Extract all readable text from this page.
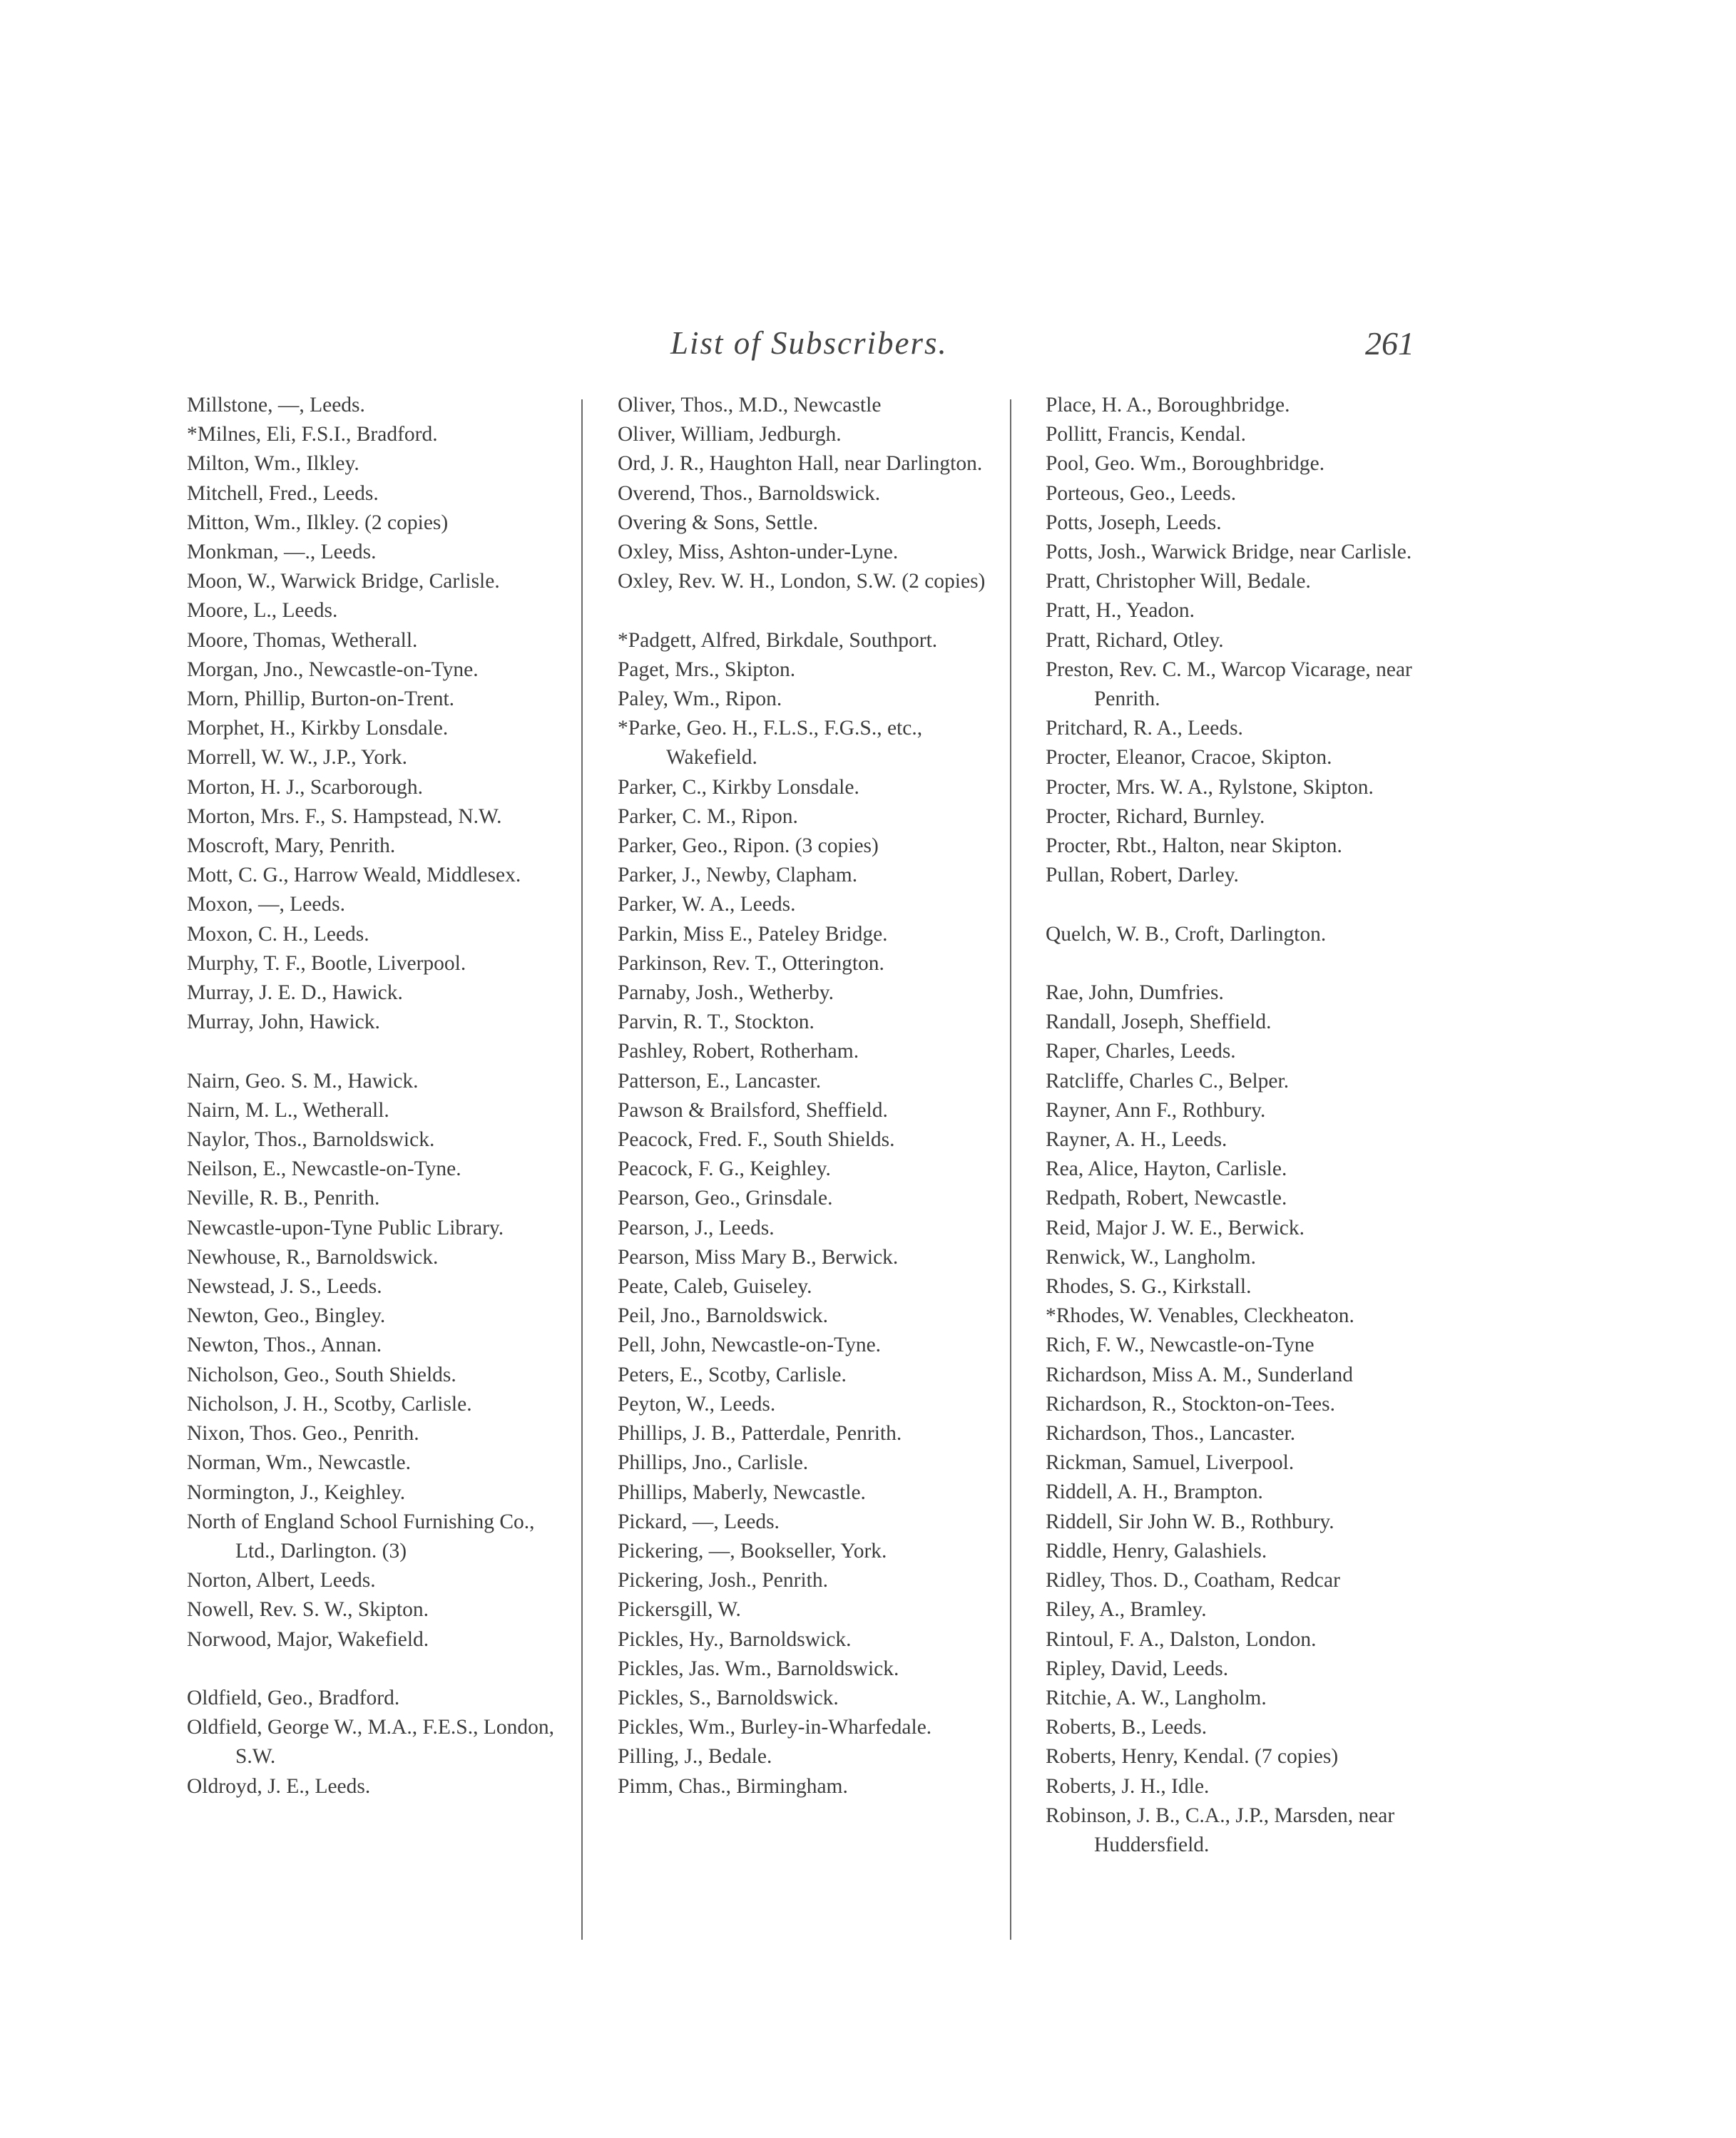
List of Subscribers.	261
Millstone, —, Leeds.
*Milnes, Eli, F.S.I., Bradford.
Milton, Wm., Ilkley.
Mitchell, Fred., Leeds.
Mitton, Wm., Ilkley. (2 copies)
Monkman, —., Leeds.
Moon, W., Warwick Bridge, Carlisle.
Moore, L., Leeds.
Moore, Thomas, Wetherall.
Morgan, Jno., Newcastle-on-Tyne.
Morn, Phillip, Burton-on-Trent.
Morphet, H., Kirkby Lonsdale.
Morrell, W. W., J.P., York.
Morton, H. J., Scarborough.
Morton, Mrs. F., S. Hampstead, N.W.
Moscroft, Mary, Penrith.
Mott, C. G., Harrow Weald, Middlesex.
Moxon, —, Leeds.
Moxon, C. H., Leeds.
Murphy, T. F., Bootle, Liverpool.
Murray, J. E. D., Hawick.
Murray, John, Hawick.
Nairn, Geo. S. M., Hawick.
Nairn, M. L., Wetherall.
Naylor, Thos., Barnoldswick.
Neilson, E., Newcastle-on-Tyne.
Neville, R. B., Penrith.
Newcastle-upon-Tyne Public Library.
Newhouse, R., Barnoldswick.
Newstead, J. S., Leeds.
Newton, Geo., Bingley.
Newton, Thos., Annan.
Nicholson, Geo., South Shields.
Nicholson, J. H., Scotby, Carlisle.
Nixon, Thos. Geo., Penrith.
Norman, Wm., Newcastle.
Normington, J., Keighley.
North of England School Furnishing Co., Ltd., Darlington. (3)
Norton, Albert, Leeds.
Nowell, Rev. S. W., Skipton.
Norwood, Major, Wakefield.
Oldfield, Geo., Bradford.
Oldfield, George W., M.A., F.E.S., London, S.W.
Oldroyd, J. E., Leeds.
Oliver, Thos., M.D., Newcastle
Oliver, William, Jedburgh.
Ord, J. R., Haughton Hall, near Darlington.
Overend, Thos., Barnoldswick.
Overing & Sons, Settle.
Oxley, Miss, Ashton-under-Lyne.
Oxley, Rev. W. H., London, S.W. (2 copies)
*Padgett, Alfred, Birkdale, Southport.
Paget, Mrs., Skipton.
Paley, Wm., Ripon.
*Parke, Geo. H., F.L.S., F.G.S., etc., Wakefield.
Parker, C., Kirkby Lonsdale.
Parker, C. M., Ripon.
Parker, Geo., Ripon. (3 copies)
Parker, J., Newby, Clapham.
Parker, W. A., Leeds.
Parkin, Miss E., Pateley Bridge.
Parkinson, Rev. T., Otterington.
Parnaby, Josh., Wetherby.
Parvin, R. T., Stockton.
Pashley, Robert, Rotherham.
Patterson, E., Lancaster.
Pawson & Brailsford, Sheffield.
Peacock, Fred. F., South Shields.
Peacock, F. G., Keighley.
Pearson, Geo., Grinsdale.
Pearson, J., Leeds.
Pearson, Miss Mary B., Berwick.
Peate, Caleb, Guiseley.
Peil, Jno., Barnoldswick.
Pell, John, Newcastle-on-Tyne.
Peters, E., Scotby, Carlisle.
Peyton, W., Leeds.
Phillips, J. B., Patterdale, Penrith.
Phillips, Jno., Carlisle.
Phillips, Maberly, Newcastle.
Pickard, —, Leeds.
Pickering, —, Bookseller, York.
Pickering, Josh., Penrith.
Pickersgill, W.
Pickles, Hy., Barnoldswick.
Pickles, Jas. Wm., Barnoldswick.
Pickles, S., Barnoldswick.
Pickles, Wm., Burley-in-Wharfedale.
Pilling, J., Bedale.
Pimm, Chas., Birmingham.
Place, H. A., Boroughbridge.
Pollitt, Francis, Kendal.
Pool, Geo. Wm., Boroughbridge.
Porteous, Geo., Leeds.
Potts, Joseph, Leeds.
Potts, Josh., Warwick Bridge, near Carlisle.
Pratt, Christopher Will, Bedale.
Pratt, H., Yeadon.
Pratt, Richard, Otley.
Preston, Rev. C. M., Warcop Vicarage, near Penrith.
Pritchard, R. A., Leeds.
Procter, Eleanor, Cracoe, Skipton.
Procter, Mrs. W. A., Rylstone, Skipton.
Procter, Richard, Burnley.
Procter, Rbt., Halton, near Skipton.
Pullan, Robert, Darley.
Quelch, W. B., Croft, Darlington.
Rae, John, Dumfries.
Randall, Joseph, Sheffield.
Raper, Charles, Leeds.
Ratcliffe, Charles C., Belper.
Rayner, Ann F., Rothbury.
Rayner, A. H., Leeds.
Rea, Alice, Hayton, Carlisle.
Redpath, Robert, Newcastle.
Reid, Major J. W. E., Berwick.
Renwick, W., Langholm.
Rhodes, S. G., Kirkstall.
*Rhodes, W. Venables, Cleckheaton.
Rich, F. W., Newcastle-on-Tyne
Richardson, Miss A. M., Sunderland
Richardson, R., Stockton-on-Tees.
Richardson, Thos., Lancaster.
Rickman, Samuel, Liverpool.
Riddell, A. H., Brampton.
Riddell, Sir John W. B., Rothbury.
Riddle, Henry, Galashiels.
Ridley, Thos. D., Coatham, Redcar
Riley, A., Bramley.
Rintoul, F. A., Dalston, London.
Ripley, David, Leeds.
Ritchie, A. W., Langholm.
Roberts, B., Leeds.
Roberts, Henry, Kendal. (7 copies)
Roberts, J. H., Idle.
Robinson, J. B., C.A., J.P., Marsden, near Huddersfield.
